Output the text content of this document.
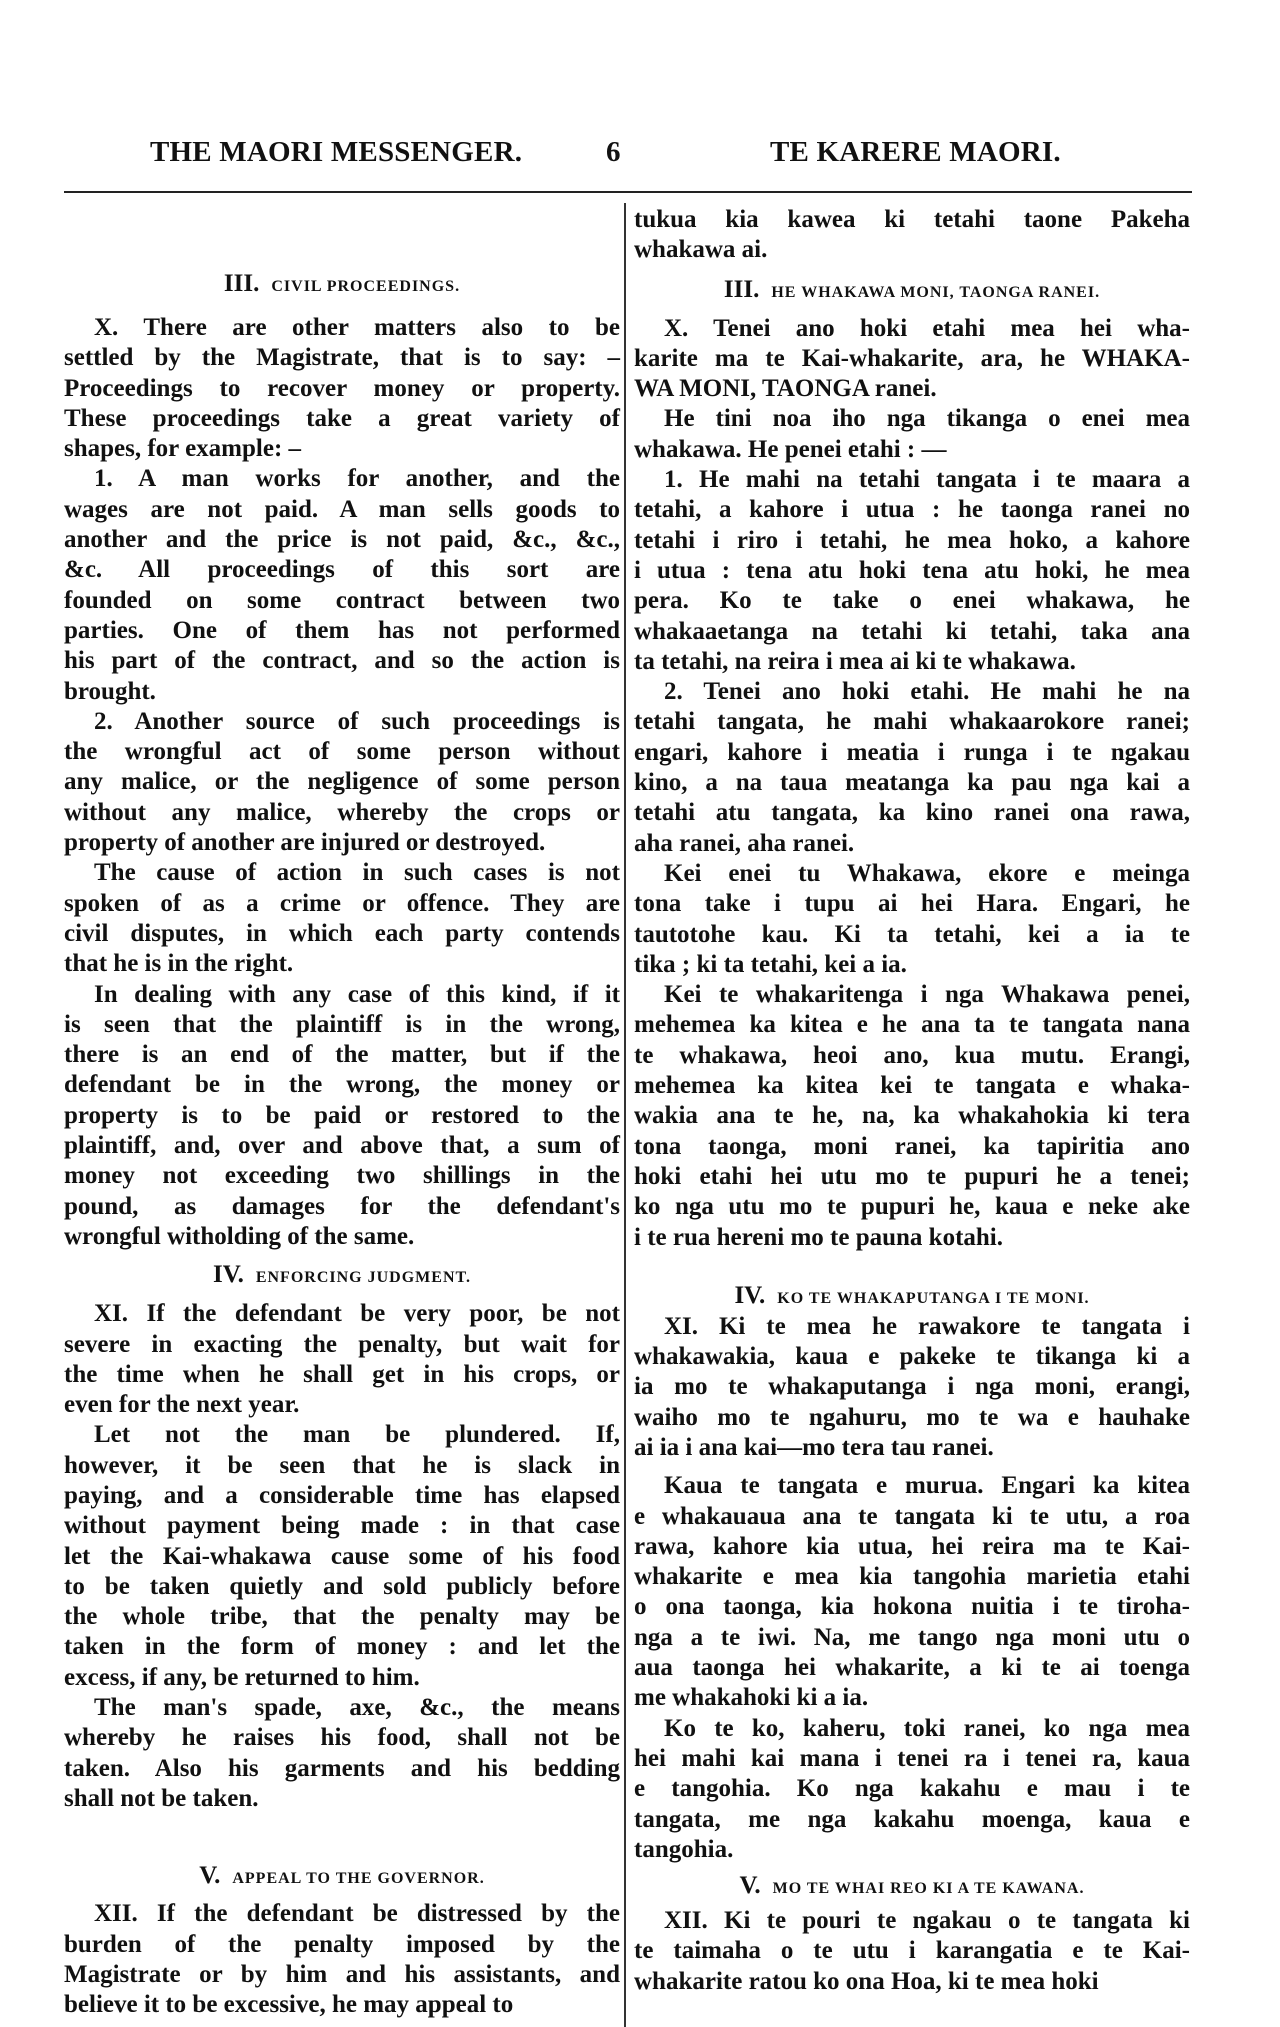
THE MAORI MESSENGER.	6	TE KARERE MAORI.
III. CIVIL PROCEEDINGS.
X. There are other matters also to be
settled by the Magistrate, that is to say: –
Proceedings to recover money or property.
These proceedings take a great variety of
shapes, for example: –
1. A man works for another, and the
wages are not paid. A man sells goods to
another and the price is not paid, &c., &c.,
&c. All proceedings of this sort are
founded on some contract between two
parties. One of them has not performed
his part of the contract, and so the action is
brought.
2. Another source of such proceedings is
the wrongful act of some person without
any malice, or the negligence of some person
without any malice, whereby the crops or
property of another are injured or destroyed.
The cause of action in such cases is not
spoken of as a crime or offence. They are
civil disputes, in which each party contends
that he is in the right.
In dealing with any case of this kind, if it
is seen that the plaintiff is in the wrong,
there is an end of the matter, but if the
defendant be in the wrong, the money or
property is to be paid or restored to the
plaintiff, and, over and above that, a sum of
money not exceeding two shillings in the
pound, as damages for the defendant's
wrongful witholding of the same.
IV. ENFORCING JUDGMENT.
XI. If the defendant be very poor, be not
severe in exacting the penalty, but wait for
the time when he shall get in his crops, or
even for the next year.
Let not the man be plundered. If,
however, it be seen that he is slack in
paying, and a considerable time has elapsed
without payment being made : in that case
let the Kai-whakawa cause some of his food
to be taken quietly and sold publicly before
the whole tribe, that the penalty may be
taken in the form of money : and let the
excess, if any, be returned to him.
The man's spade, axe, &c., the means
whereby he raises his food, shall not be
taken. Also his garments and his bedding
shall not be taken.
V. APPEAL TO THE GOVERNOR.
XII. If the defendant be distressed by the
burden of the penalty imposed by the
Magistrate or by him and his assistants, and
believe it to be excessive, he may appeal to
tukua kia kawea ki tetahi taone Pakeha
whakawa ai.
III. HE WHAKAWA MONI, TAONGA RANEI.
X. Tenei ano hoki etahi mea hei wha-
karite ma te Kai-whakarite, ara, he WHAKA-
WA MONI, TAONGA ranei.
He tini noa iho nga tikanga o enei mea
whakawa. He penei etahi : —
1. He mahi na tetahi tangata i te maara a
tetahi, a kahore i utua : he taonga ranei no
tetahi i riro i tetahi, he mea hoko, a kahore
i utua : tena atu hoki tena atu hoki, he mea
pera. Ko te take o enei whakawa, he
whakaaetanga na tetahi ki tetahi, taka ana
ta tetahi, na reira i mea ai ki te whakawa.
2. Tenei ano hoki etahi. He mahi he na
tetahi tangata, he mahi whakaarokore ranei;
engari, kahore i meatia i runga i te ngakau
kino, a na taua meatanga ka pau nga kai a
tetahi atu tangata, ka kino ranei ona rawa,
aha ranei, aha ranei.
Kei enei tu Whakawa, ekore e meinga
tona take i tupu ai hei Hara. Engari, he
tautotohe kau. Ki ta tetahi, kei a ia te
tika ; ki ta tetahi, kei a ia.
Kei te whakaritenga i nga Whakawa penei,
mehemea ka kitea e he ana ta te tangata nana
te whakawa, heoi ano, kua mutu. Erangi,
mehemea ka kitea kei te tangata e whaka-
wakia ana te he, na, ka whakahokia ki tera
tona taonga, moni ranei, ka tapiritia ano
hoki etahi hei utu mo te pupuri he a tenei;
ko nga utu mo te pupuri he, kaua e neke ake
i te rua hereni mo te pauna kotahi.
IV. KO TE WHAKAPUTANGA I TE MONI.
XI. Ki te mea he rawakore te tangata i
whakawakia, kaua e pakeke te tikanga ki a
ia mo te whakaputanga i nga moni, erangi,
waiho mo te ngahuru, mo te wa e hauhake
ai ia i ana kai—mo tera tau ranei.
Kaua te tangata e murua. Engari ka kitea
e whakauaua ana te tangata ki te utu, a roa
rawa, kahore kia utua, hei reira ma te Kai-
whakarite e mea kia tangohia marietia etahi
o ona taonga, kia hokona nuitia i te tiroha-
nga a te iwi. Na, me tango nga moni utu o
aua taonga hei whakarite, a ki te ai toenga
me whakahoki ki a ia.
Ko te ko, kaheru, toki ranei, ko nga mea
hei mahi kai mana i tenei ra i tenei ra, kaua
e tangohia. Ko nga kakahu e mau i te
tangata, me nga kakahu moenga, kaua e
tangohia.
V. MO TE WHAI REO KI A TE KAWANA.
XII. Ki te pouri te ngakau o te tangata ki
te taimaha o te utu i karangatia e te Kai-
whakarite ratou ko ona Hoa, ki te mea hoki
